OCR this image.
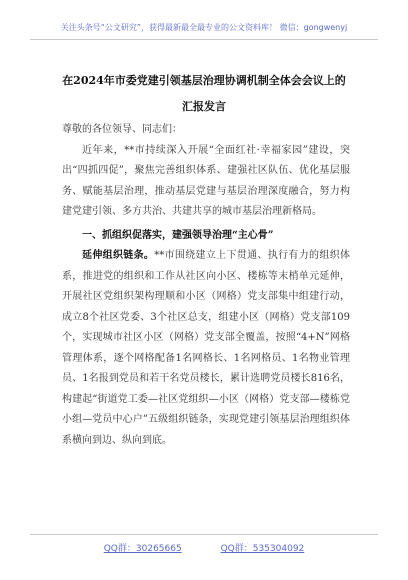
关注头条号“公文研究”，获得最新最全最专业的公文资料库！ 微信：gongwenyj
在2024年市委党建引领基层治理协调机制全体会会议上的
汇报发言

尊敬的各位领导、同志们：

近年来，**市持续深入开展“全面红社·幸福家园”建设，突出“四抓四促”，聚焦完善组织体系、建强社区队伍、优化基层服务、赋能基层治理，推动基层党建与基层治理深度融合，努力构建党建引领、多方共治、共建共享的城市基层治理新格局。

一、抓组织促落实，建强领导治理“主心骨”

延伸组织链条。**市围绕建立上下贯通、执行有力的组织体系，推进党的组织和工作从社区向小区、楼栋等末梢单元延伸，开展社区党组织架构理顺和小区（网格）党支部集中组建行动，成立8个社区党委、3个社区总支，组建小区（网格）党支部109个，实现城市社区小区（网格）党支部全覆盖，按照“4+N”网格管理体系，逐个网格配备1名网格长、1名网格员、1名物业管理员、1名报到党员和若干名党员楼长，累计选聘党员楼长816名，构建起“街道党工委—社区党组织—小区（网格）党支部—楼栋党小组—党员中心户”五级组织链条，实现党建引领基层治理组织体系横向到边、纵向到底。

QQ群：30265665	QQ群：535304092
